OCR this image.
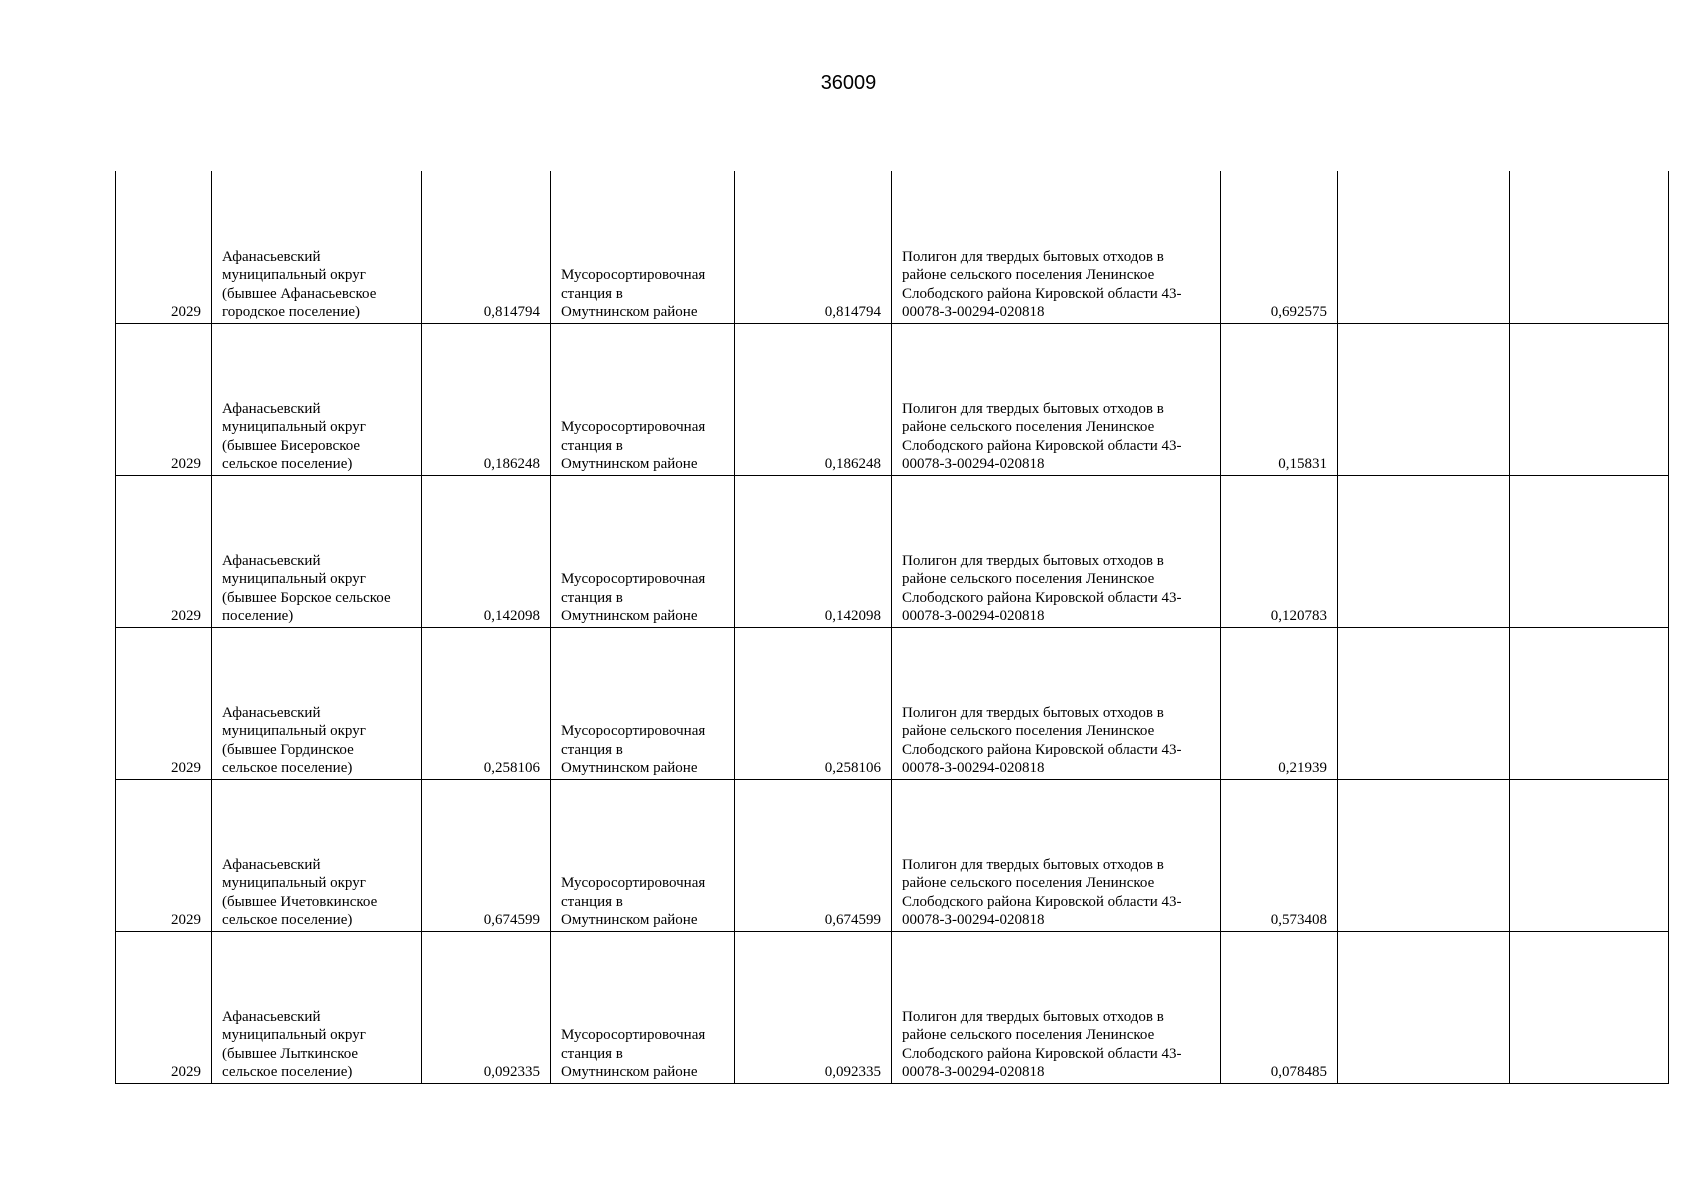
36009
2029	Афанасьевский
муниципальный округ
(бывшее Афанасьевское
городское поселение)	0,814794	Мусоросортировочная
станция в
Омутнинском районе	0,814794	Полигон для твердых бытовых отходов в
районе сельского поселения Ленинское
Слободского района Кировской области 43-
00078-З-00294-020818	0,692575		
2029	Афанасьевский
муниципальный округ
(бывшее Бисеровское
сельское поселение)	0,186248	Мусоросортировочная
станция в
Омутнинском районе	0,186248	Полигон для твердых бытовых отходов в
районе сельского поселения Ленинское
Слободского района Кировской области 43-
00078-З-00294-020818	0,15831		
2029	Афанасьевский
муниципальный округ
(бывшее Борское сельское
поселение)	0,142098	Мусоросортировочная
станция в
Омутнинском районе	0,142098	Полигон для твердых бытовых отходов в
районе сельского поселения Ленинское
Слободского района Кировской области 43-
00078-З-00294-020818	0,120783		
2029	Афанасьевский
муниципальный округ
(бывшее Гординское
сельское поселение)	0,258106	Мусоросортировочная
станция в
Омутнинском районе	0,258106	Полигон для твердых бытовых отходов в
районе сельского поселения Ленинское
Слободского района Кировской области 43-
00078-З-00294-020818	0,21939		
2029	Афанасьевский
муниципальный округ
(бывшее Ичетовкинское
сельское поселение)	0,674599	Мусоросортировочная
станция в
Омутнинском районе	0,674599	Полигон для твердых бытовых отходов в
районе сельского поселения Ленинское
Слободского района Кировской области 43-
00078-З-00294-020818	0,573408		
2029	Афанасьевский
муниципальный округ
(бывшее Лыткинское
сельское поселение)	0,092335	Мусоросортировочная
станция в
Омутнинском районе	0,092335	Полигон для твердых бытовых отходов в
районе сельского поселения Ленинское
Слободского района Кировской области 43-
00078-З-00294-020818	0,078485		
